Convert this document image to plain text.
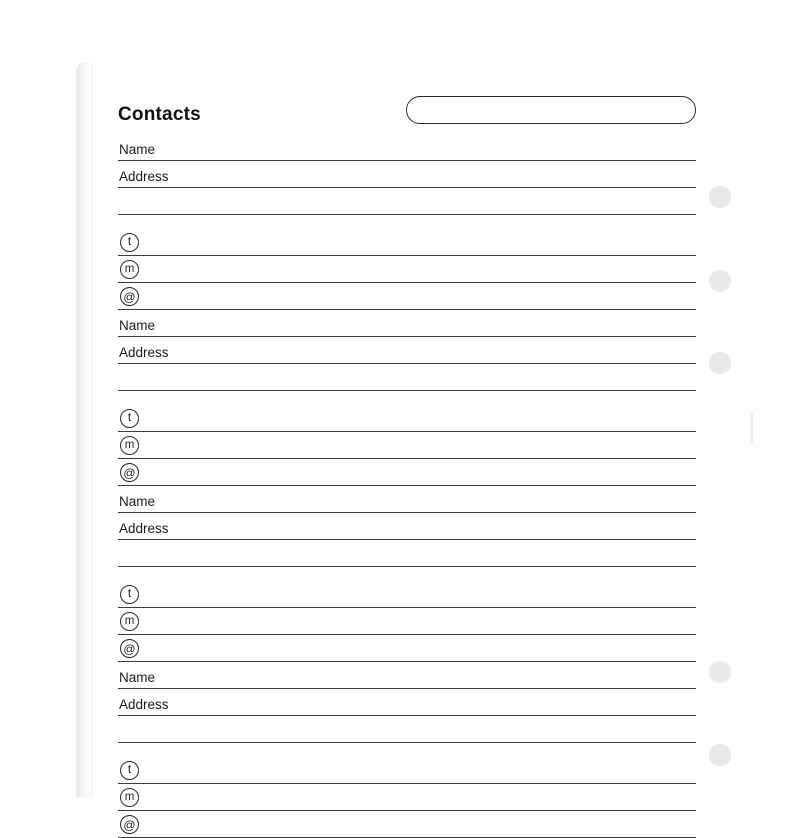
Contacts
Name
Address
t
m
@
Name
Address
t
m
@
Name
Address
t
m
@
Name
Address
t
m
@
